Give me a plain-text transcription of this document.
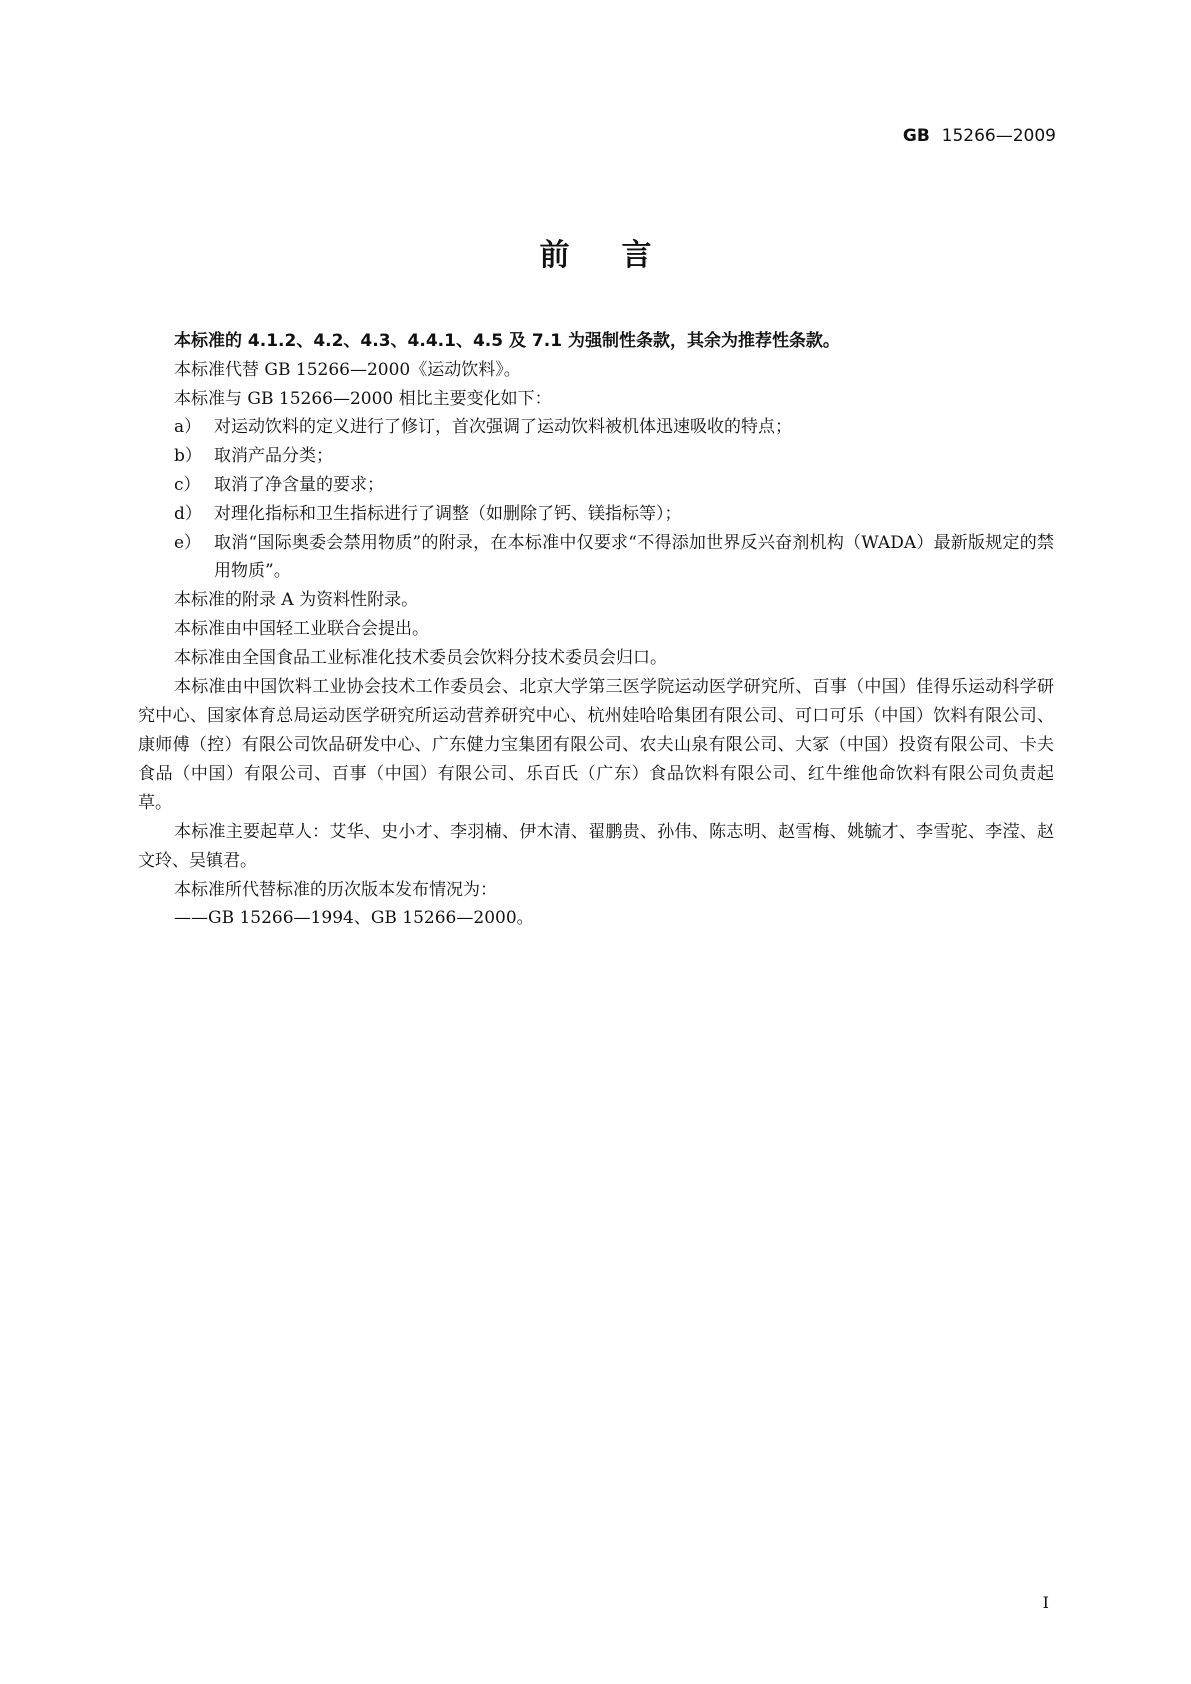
GB 15266—2009
前言

本标准的 4.1.2、4.2、4.3、4.4.1、4.5 及 7.1 为强制性条款，其余为推荐性条款。

本标准代替 GB 15266—2000《运动饮料》。

本标准与 GB 15266—2000 相比主要变化如下：

a） 对运动饮料的定义进行了修订，首次强调了运动饮料被机体迅速吸收的特点；
b） 取消产品分类；
c） 取消了净含量的要求；
d） 对理化指标和卫生指标进行了调整（如删除了钙、镁指标等）；
e） 取消“国际奥委会禁用物质”的附录，在本标准中仅要求“不得添加世界反兴奋剂机构（WADA）最新版规定的禁用物质”。

本标准的附录 A 为资料性附录。

本标准由中国轻工业联合会提出。

本标准由全国食品工业标准化技术委员会饮料分技术委员会归口。

本标准由中国饮料工业协会技术工作委员会、北京大学第三医学院运动医学研究所、百事（中国）佳得乐运动科学研究中心、国家体育总局运动医学研究所运动营养研究中心、杭州娃哈哈集团有限公司、可口可乐（中国）饮料有限公司、康师傅（控）有限公司饮品研发中心、广东健力宝集团有限公司、农夫山泉有限公司、大冢（中国）投资有限公司、卡夫食品（中国）有限公司、百事（中国）有限公司、乐百氏（广东）食品饮料有限公司、红牛维他命饮料有限公司负责起草。

本标准主要起草人：艾华、史小才、李羽楠、伊木清、翟鹏贵、孙伟、陈志明、赵雪梅、姚毓才、李雪驼、李滢、赵文玲、吴镇君。

本标准所代替标准的历次版本发布情况为：

——GB 15266—1994、GB 15266—2000。

I
